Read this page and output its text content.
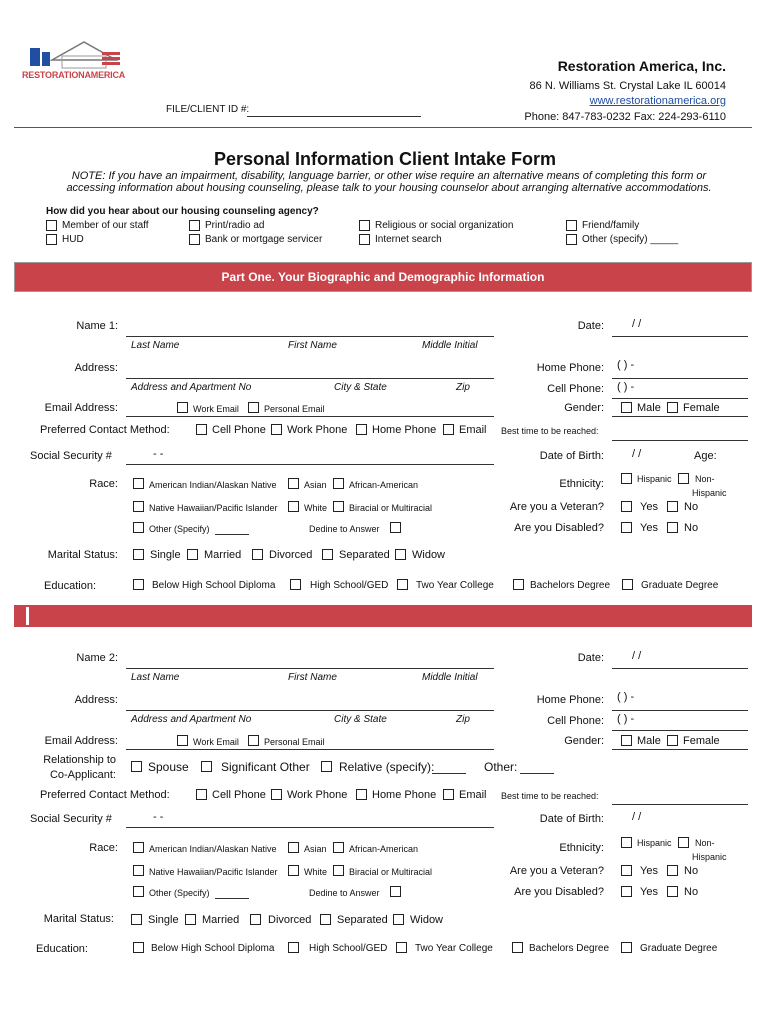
RESTORATIONAMERICA
Restoration America, Inc.
86 N. Williams St. Crystal Lake IL 60014
www.restorationamerica.org
Phone: 847-783-0232 Fax: 224-293-6110
FILE/CLIENT ID #:
Personal Information Client Intake Form
NOTE: If you have an impairment, disability, language barrier, or other wise require an alternative means of completing this form or accessing information about housing counseling, please talk to your housing counselor about arranging alternative accommodations.
How did you hear about our housing counseling agency?
Member of our staff
HUD
Print/radio ad
Bank or mortgage servicer
Religious or social organization
Internet search
Friend/family
Other (specify) _____
Part One. Your Biographic and Demographic Information
Name 1:
Last Name	First Name	Middle Initial
Date:	/ /
Address:
Address and Apartment No	City & State	Zip
Home Phone: ( ) -
Cell Phone: ( ) -
Email Address:	Work Email	Personal Email	Gender:	Male Female
Preferred Contact Method:	Cell Phone Work Phone Home Phone Email Best time to be reached:
Social Security #	- -	Date of Birth:	/ /	Age:
Race:	American Indian/Alaskan Native	Asian African-American
Native Hawaiian/Pacific Islander	White Biracial or Multiracial
Other (Specify)	Dedine to Answer
Ethnicity:	Hispanic	Non-
Hispanic
Are you a Veteran?	Yes No
Are you Disabled?	Yes No
Marital Status:	Single Married	Divorced Separated Widow
Education:	Below High School Diploma	High School/GED	Two Year College	Bachelors Degree	Graduate Degree
Name 2:
Last Name	First Name	Middle Initial
Date:	/ /
Address:
Address and Apartment No	City & State	Zip
Home Phone: ( ) -
Cell Phone: ( ) -
Email Address:	Work Email	Personal Email	Gender:	Male Female
Relationship to
Co-Applicant:
Spouse	Significant Other Relative (specify):	Other:
Preferred Contact Method:	Cell Phone Work Phone Home Phone Email Best time to be reached:
Social Security #	- -	Date of Birth:	/ /
Race:	American Indian/Alaskan Native	Asian African-American
Native Hawaiian/Pacific Islander	White Biracial or Multiracial
Other (Specify)	Dedine to Answer
Ethnicity:	Hispanic	Non-
Hispanic
Are you a Veteran?	Yes No
Are you Disabled?	Yes No
Marital Status:	Single Married	Divorced Separated Widow
Education:	Below High School Diploma	High School/GED	Two Year College	Bachelors Degree	Graduate Degree
